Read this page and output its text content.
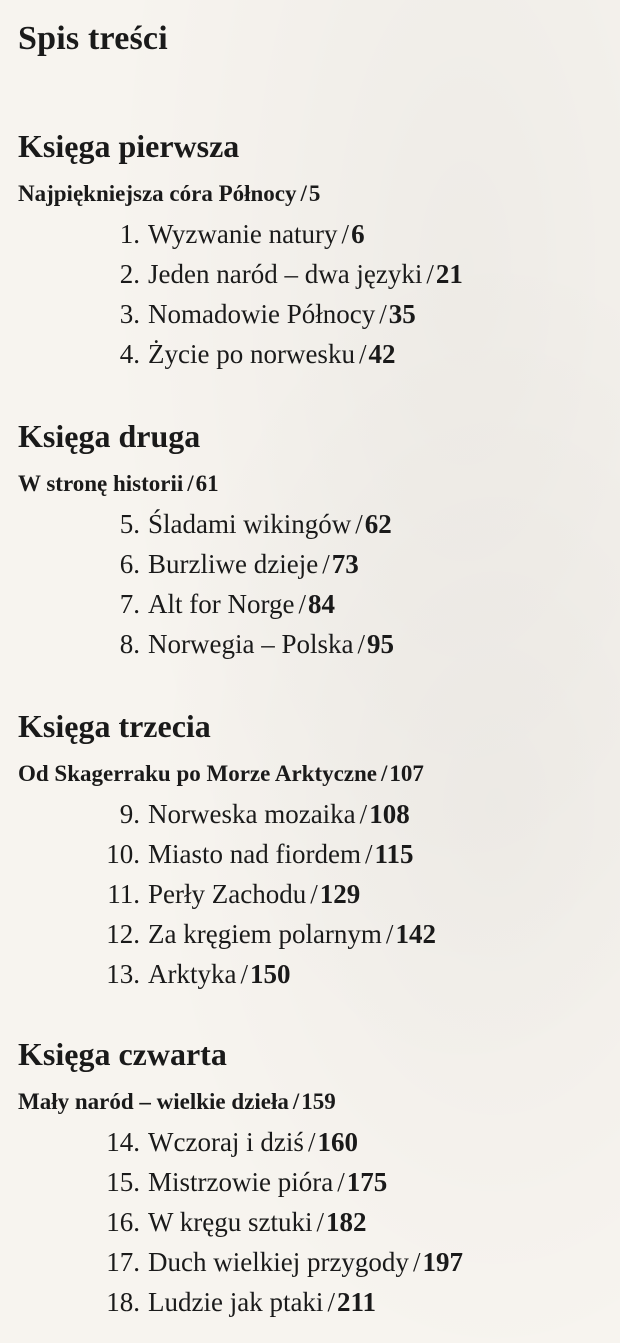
Spis treści
Księga pierwsza
Najpiękniejsza córa Północy /5
1. Wyzwanie natury / 6
2. Jeden naród – dwa języki / 21
3. Nomadowie Północy / 35
4. Życie po norwesku / 42
Księga druga
W stronę historii /61
5. Śladami wikingów / 62
6. Burzliwe dzieje / 73
7. Alt for Norge / 84
8. Norwegia – Polska / 95
Księga trzecia
Od Skagerraku po Morze Arktyczne /107
9. Norweska mozaika / 108
10. Miasto nad fiordem / 115
11. Perły Zachodu / 129
12. Za kręgiem polarnym / 142
13. Arktyka / 150
Księga czwarta
Mały naród – wielkie dzieła /159
14. Wczoraj i dziś / 160
15. Mistrzowie pióra / 175
16. W kręgu sztuki / 182
17. Duch wielkiej przygody / 197
18. Ludzie jak ptaki / 211
